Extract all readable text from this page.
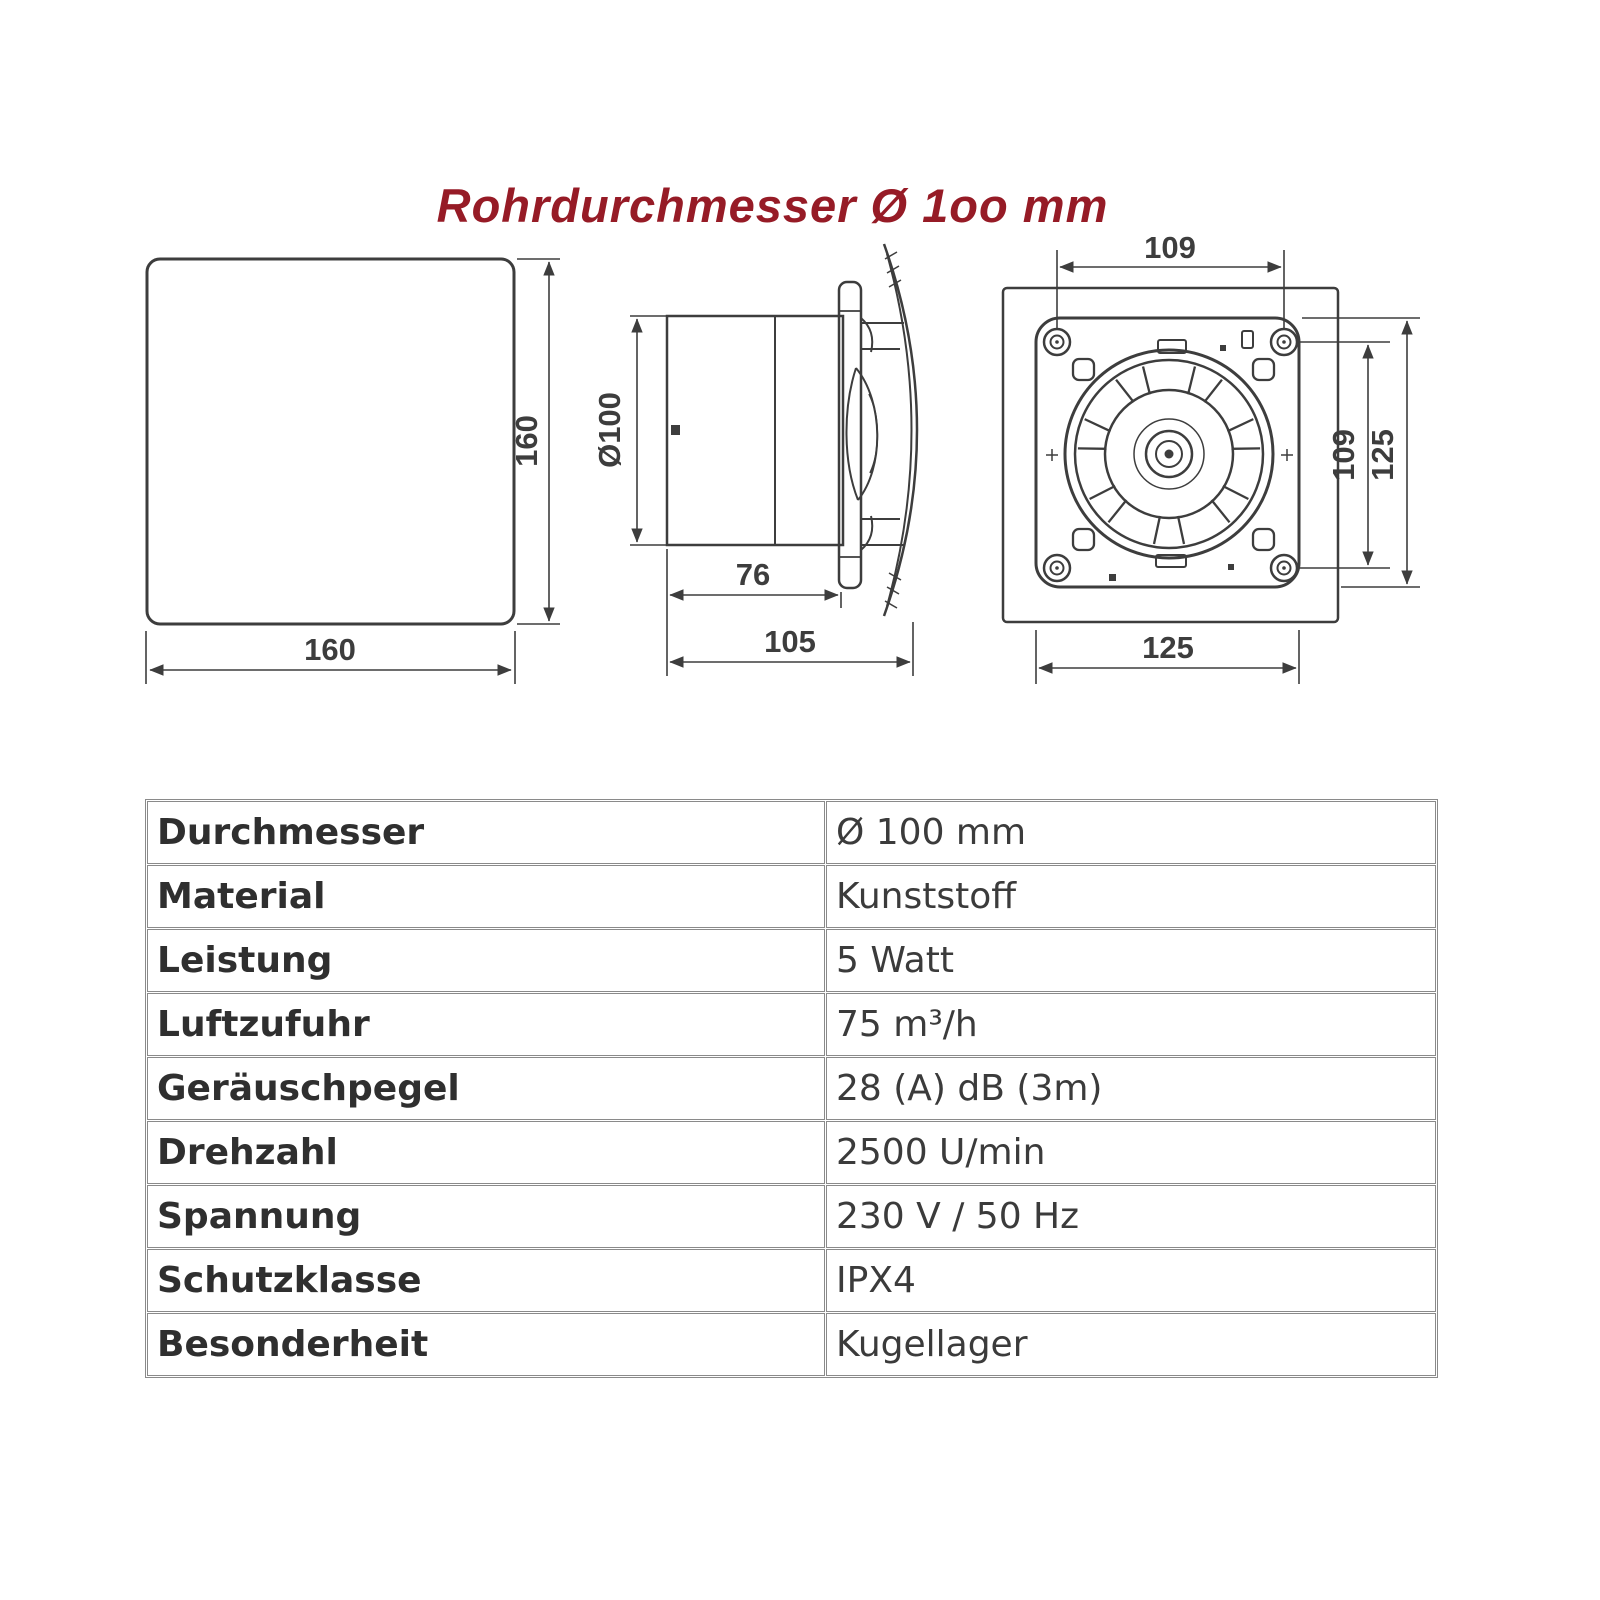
Rohrdurchmesser Ø 1oo mm
160
160
Ø100
76
105
109
109 125
125
Durchmesser	Ø 100 mm
Material	Kunststoff
Leistung	5 Watt
Luftzufuhr	75 m³/h
Geräuschpegel	28 (A) dB (3m)
Drehzahl	2500 U/min
Spannung	230 V / 50 Hz
Schutzklasse	IPX4
Besonderheit	Kugellager
